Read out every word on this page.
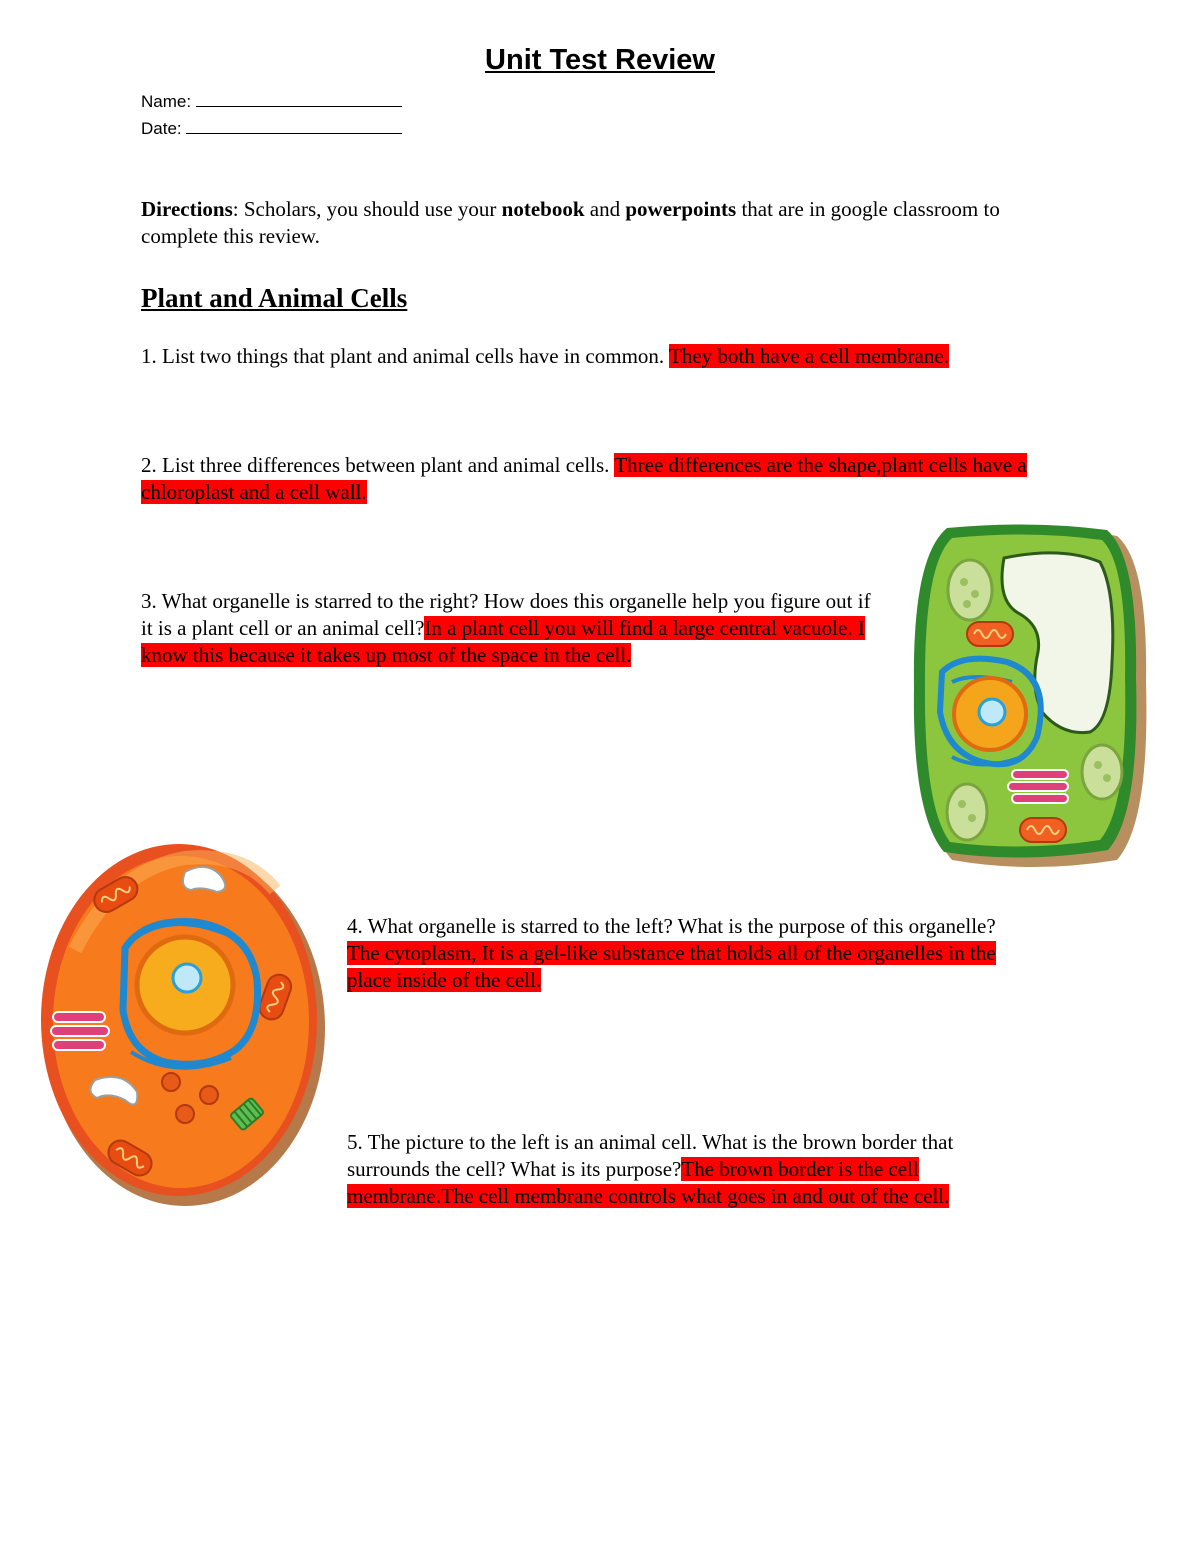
Unit Test Review
Name:
Date:
Directions: Scholars, you should use your notebook and powerpoints that are in google classroom to complete this review.
Plant and Animal Cells
1. List two things that plant and animal cells have in common. They both have a cell membrane.
2. List three differences between plant and animal cells. Three differences are the shape,plant cells have a chloroplast and a cell wall.
3. What organelle is starred to the right? How does this organelle help you figure out if it is a plant cell or an animal cell?In a plant cell you will find a large central vacuole. I know this because it takes up most of the space in the cell.
4. What organelle is starred to the left? What is the purpose of this organelle?The cytoplasm, It is a gel-like substance that holds all of the organelles in the place inside of the cell.
5. The picture to the left is an animal cell. What is the brown border that surrounds the cell? What is its purpose?The brown border is the cell membrane.The cell membrane controls what goes in and out of the cell.
